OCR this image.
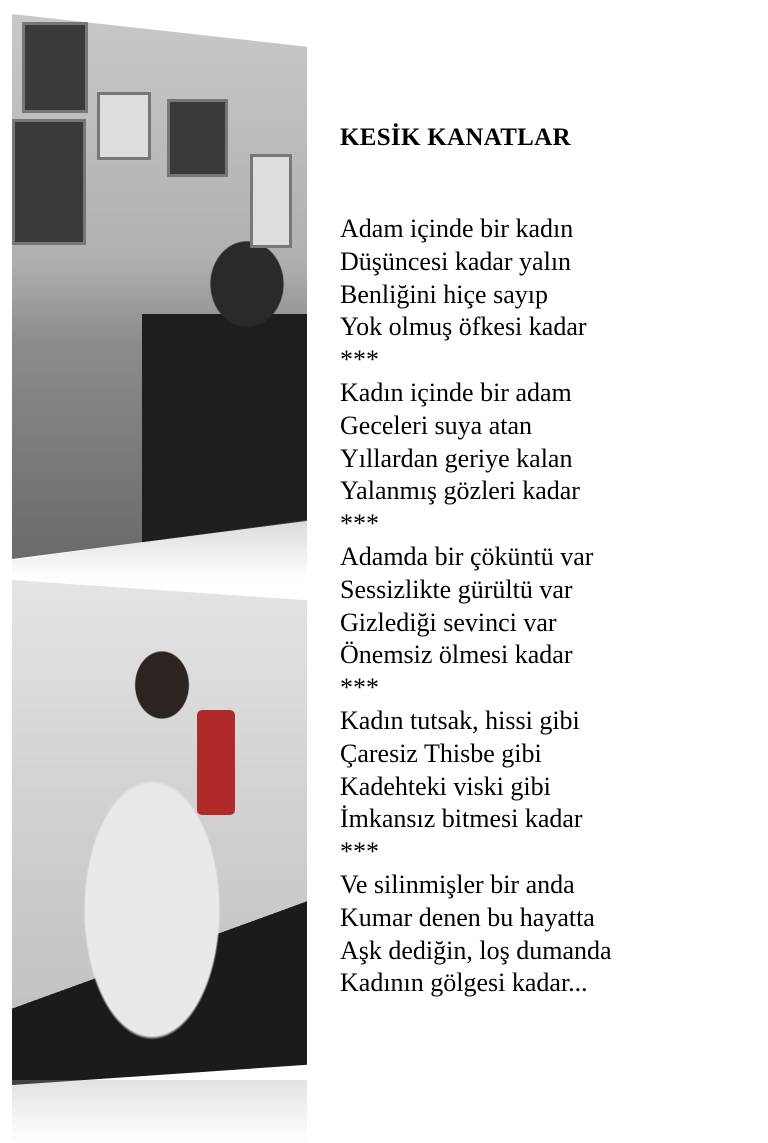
KESİK KANATLAR
Adam içinde bir kadın
Düşüncesi kadar yalın
Benliğini hiçe sayıp
Yok olmuş öfkesi kadar
***
Kadın içinde bir adam
Geceleri suya atan
Yıllardan geriye kalan
Yalanmış gözleri kadar
***
Adamda bir çöküntü var
Sessizlikte gürültü var
Gizlediği sevinci var
Önemsiz ölmesi kadar
***
Kadın tutsak, hissi gibi
Çaresiz Thisbe gibi
Kadehteki viski gibi
İmkansız bitmesi kadar
***
Ve silinmişler bir anda
Kumar denen bu hayatta
Aşk dediğin, loş dumanda
Kadının gölgesi kadar...
